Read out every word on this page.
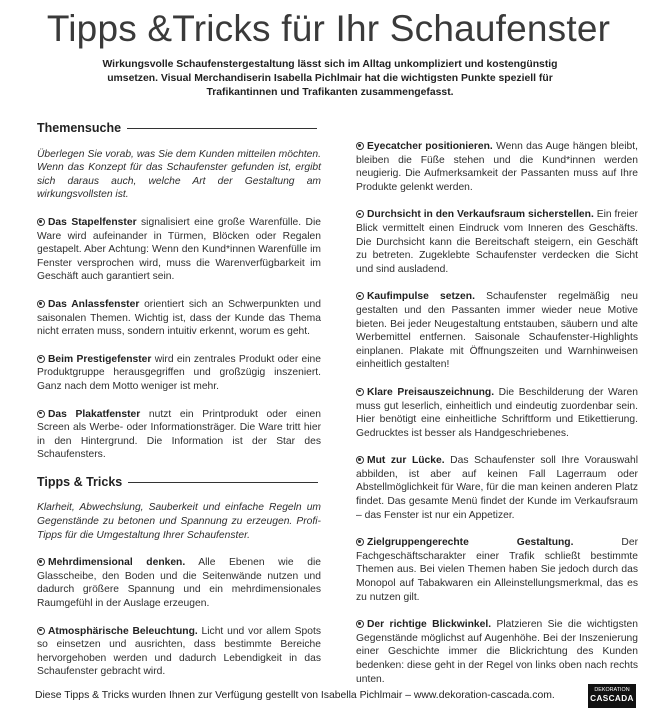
Tipps &Tricks für Ihr Schaufenster
Wirkungsvolle Schaufenstergestaltung lässt sich im Alltag unkompliziert und kostengünstig umsetzen. Visual Merchandiserin Isabella Pichlmair hat die wichtigsten Punkte speziell für Trafikantinnen und Trafikanten zusammengefasst.
Themensuche

Überlegen Sie vorab, was Sie dem Kunden mitteilen möchten. Wenn das Konzept für das Schaufenster gefunden ist, ergibt sich daraus auch, welche Art der Gestaltung am wirkungsvollsten ist.

Das Stapelfenster signalisiert eine große Warenfülle. Die Ware wird aufeinander in Türmen, Blöcken oder Regalen gestapelt. Aber Achtung: Wenn den Kund*innen Warenfülle im Fenster versprochen wird, muss die Warenverfügbarkeit im Geschäft auch garantiert sein.

Das Anlassfenster orientiert sich an Schwerpunkten und saisonalen Themen. Wichtig ist, dass der Kunde das Thema nicht erraten muss, sondern intuitiv erkennt, worum es geht.

Beim Prestigefenster wird ein zentrales Produkt oder eine Produktgruppe herausgegriffen und großzügig inszeniert. Ganz nach dem Motto weniger ist mehr.

Das Plakatfenster nutzt ein Printprodukt oder einen Screen als Werbe- oder Informationsträger. Die Ware tritt hier in den Hintergrund. Die Information ist der Star des Schaufensters.

Tipps & Tricks

Klarheit, Abwechslung, Sauberkeit und einfache Regeln um Gegenstände zu betonen und Spannung zu erzeugen. Profi-Tipps für die Umgestaltung Ihrer Schaufenster.

Mehrdimensional denken. Alle Ebenen wie die Glasscheibe, den Boden und die Seitenwände nutzen und dadurch größere Spannung und ein mehrdimensionales Raumgefühl in der Auslage erzeugen.

Atmosphärische Beleuchtung. Licht und vor allem Spots so einsetzen und ausrichten, dass bestimmte Bereiche hervorgehoben werden und dadurch Lebendigkeit in das Schaufenster gebracht wird.

Eyecatcher positionieren. Wenn das Auge hängen bleibt, bleiben die Füße stehen und die Kund*innen werden neugierig. Die Aufmerksamkeit der Passanten muss auf Ihre Produkte gelenkt werden.

Durchsicht in den Verkaufsraum sicherstellen. Ein freier Blick vermittelt einen Eindruck vom Inneren des Geschäfts. Die Durchsicht kann die Bereitschaft steigern, ein Geschäft zu betreten. Zugeklebte Schaufenster verdecken die Sicht und sind ausladend.

Kaufimpulse setzen. Schaufenster regelmäßig neu gestalten und den Passanten immer wieder neue Motive bieten. Bei jeder Neugestaltung entstauben, säubern und alte Werbemittel entfernen. Saisonale Schaufenster-Highlights einplanen. Plakate mit Öffnungszeiten und Warnhinweisen einheitlich gestalten!

Klare Preisauszeichnung. Die Beschilderung der Waren muss gut leserlich, einheitlich und eindeutig zuordenbar sein. Hier benötigt eine einheitliche Schriftform und Etikettierung. Gedrucktes ist besser als Handgeschriebenes.

Mut zur Lücke. Das Schaufenster soll Ihre Vorauswahl abbilden, ist aber auf keinen Fall Lagerraum oder Abstellmöglichkeit für Ware, für die man keinen anderen Platz findet. Das gesamte Menü findet der Kunde im Verkaufsraum – das Fenster ist nur ein Appetizer.

Zielgruppengerechte Gestaltung. Der Fachgeschäftscharakter einer Trafik schließt bestimmte Themen aus. Bei vielen Themen haben Sie jedoch durch das Monopol auf Tabakwaren ein Alleinstellungsmerkmal, das es zu nutzen gilt.

Der richtige Blickwinkel. Platzieren Sie die wichtigsten Gegenstände möglichst auf Augenhöhe. Bei der Inszenierung einer Geschichte immer die Blickrichtung des Kunden bedenken: diese geht in der Regel von links oben nach rechts unten.

Diese Tipps & Tricks wurden Ihnen zur Verfügung gestellt von Isabella Pichlmair – www.dekoration-cascada.com.	DEKORATION
CASCADA
